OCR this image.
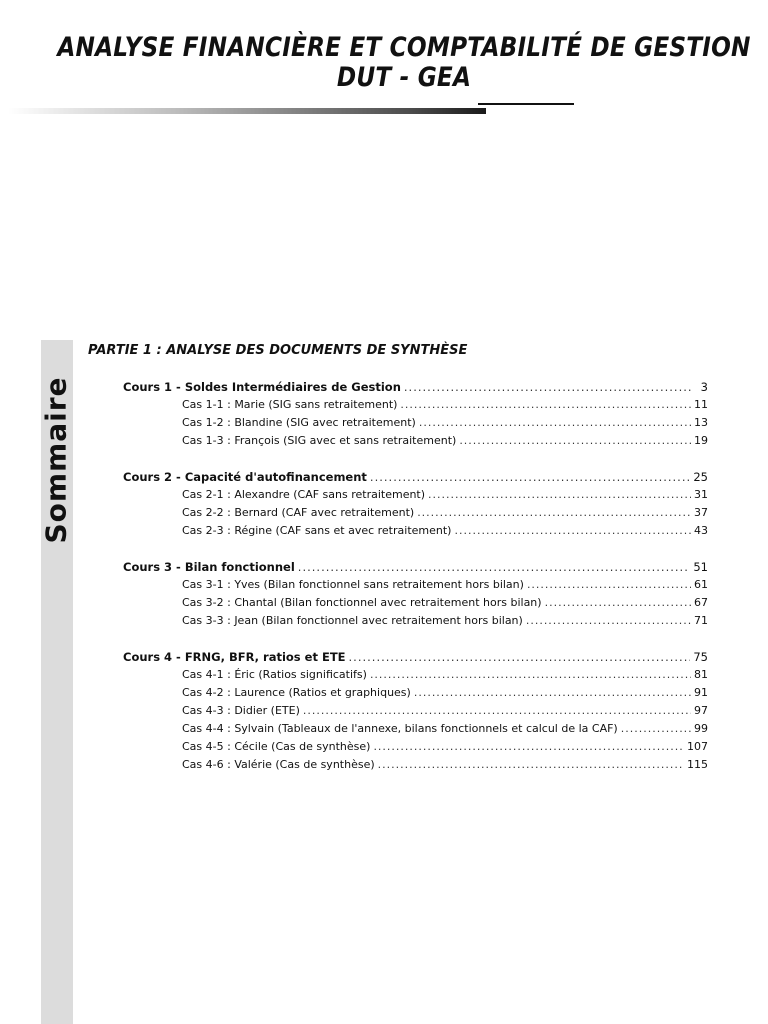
ANALYSE FINANCIÈRE ET COMPTABILITÉ DE GESTION
DUT - GEA
Sommaire
PARTIE 1 : ANALYSE DES DOCUMENTS DE SYNTHÈSE
Cours 1 - Soldes Intermédiaires de Gestion .....	3
Cas 1-1 : Marie (SIG sans retraitement) .....	11
Cas 1-2 : Blandine (SIG avec retraitement) .....	13
Cas 1-3 : François (SIG avec et sans retraitement) .....	19
Cours 2 - Capacité d'autofinancement .....	25
Cas 2-1 : Alexandre (CAF sans retraitement) .....	31
Cas 2-2 : Bernard (CAF avec retraitement) .....	37
Cas 2-3 : Régine (CAF sans et avec retraitement) .....	43
Cours 3 - Bilan fonctionnel .....	51
Cas 3-1 : Yves (Bilan fonctionnel sans retraitement hors bilan) .....	61
Cas 3-2 : Chantal (Bilan fonctionnel avec retraitement hors bilan) .....	67
Cas 3-3 : Jean (Bilan fonctionnel avec retraitement hors bilan) .....	71
Cours 4 - FRNG, BFR, ratios et ETE .....	75
Cas 4-1 : Éric (Ratios significatifs) .....	81
Cas 4-2 : Laurence (Ratios et graphiques) .....	91
Cas 4-3 : Didier (ETE) .....	97
Cas 4-4 : Sylvain (Tableaux de l'annexe, bilans fonctionnels et calcul de la CAF) .....	99
Cas 4-5 : Cécile (Cas de synthèse) .....	107
Cas 4-6 : Valérie (Cas de synthèse) .....	115
